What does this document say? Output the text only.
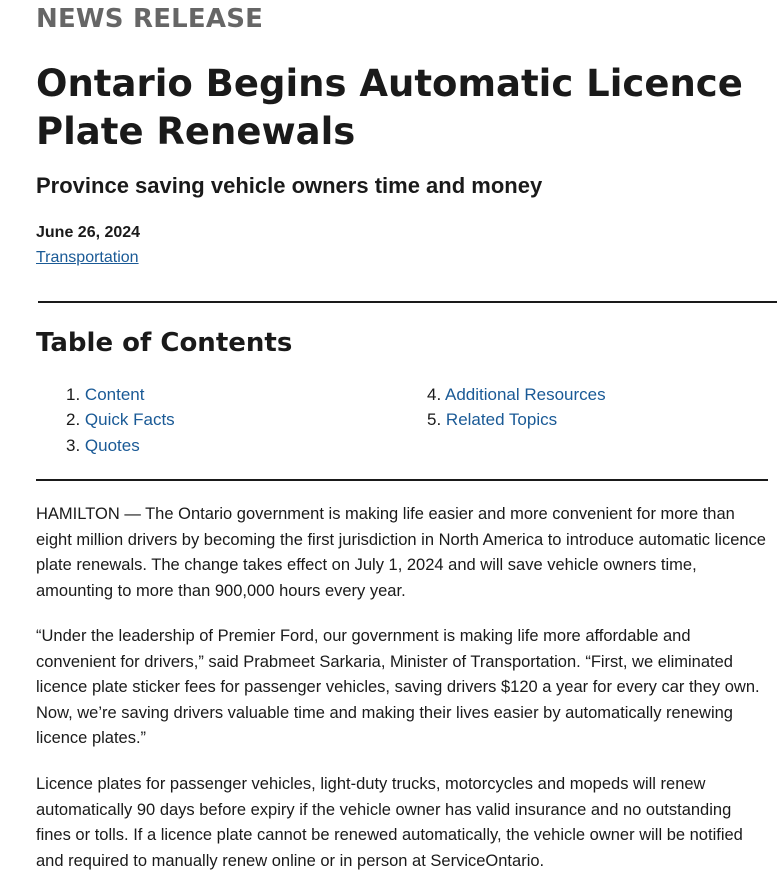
NEWS RELEASE
Ontario Begins Automatic Licence Plate Renewals
Province saving vehicle owners time and money
June 26, 2024
Transportation
Table of Contents
1. Content
2. Quick Facts
3. Quotes
4. Additional Resources
5. Related Topics

HAMILTON — The Ontario government is making life easier and more convenient for more than eight million drivers by becoming the first jurisdiction in North America to introduce automatic licence plate renewals. The change takes effect on July 1, 2024 and will save vehicle owners time, amounting to more than 900,000 hours every year.

“Under the leadership of Premier Ford, our government is making life more affordable and convenient for drivers,” said Prabmeet Sarkaria, Minister of Transportation. “First, we eliminated licence plate sticker fees for passenger vehicles, saving drivers $120 a year for every car they own. Now, we’re saving drivers valuable time and making their lives easier by automatically renewing licence plates.”

Licence plates for passenger vehicles, light-duty trucks, motorcycles and mopeds will renew automatically 90 days before expiry if the vehicle owner has valid insurance and no outstanding fines or tolls. If a licence plate cannot be renewed automatically, the vehicle owner will be notified and required to manually renew online or in person at ServiceOntario.
